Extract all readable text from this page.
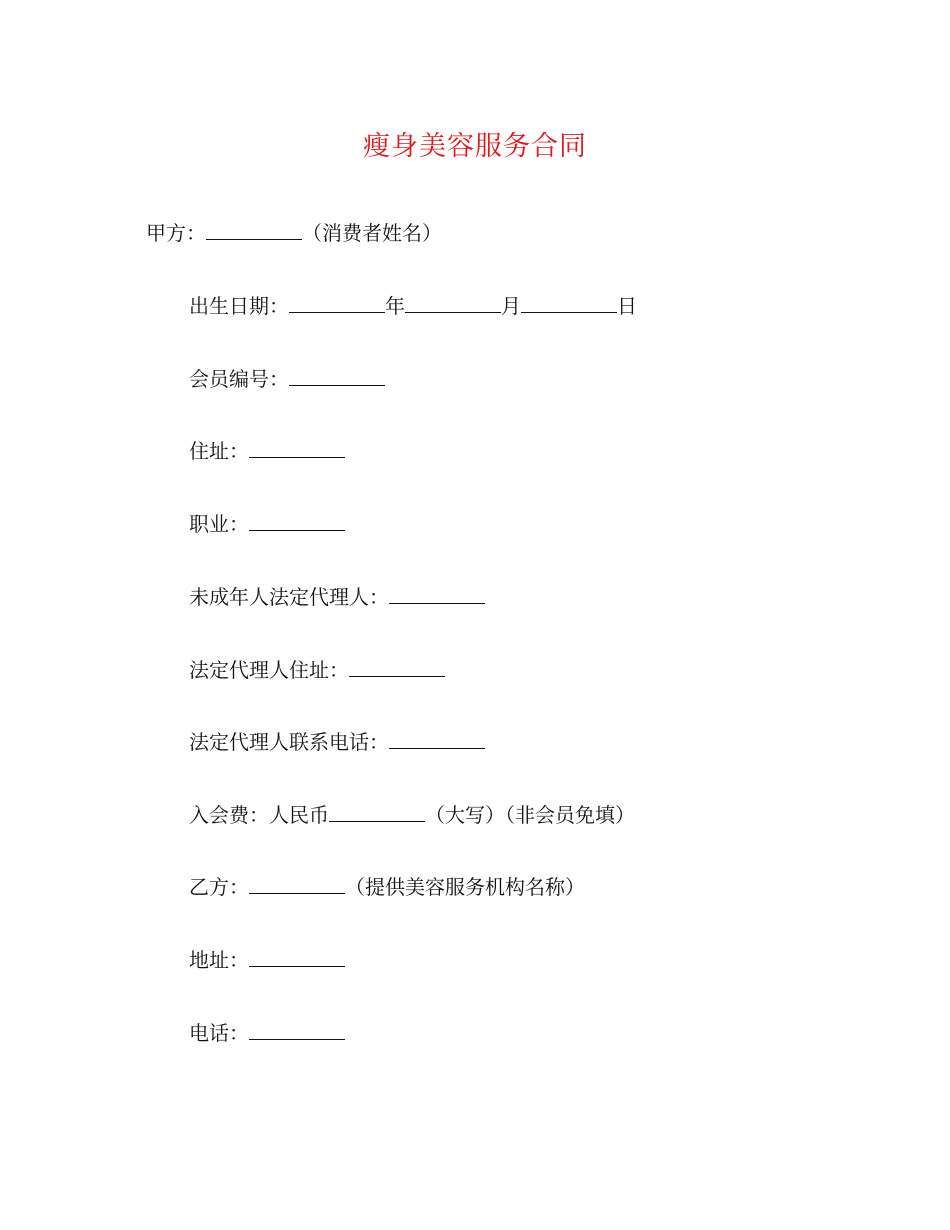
瘦身美容服务合同
甲方：	（消费者姓名）
出生日期：	年	月	日
会员编号：
住址：
职业：
未成年人法定代理人：
法定代理人住址：
法定代理人联系电话：
入会费：人民币	（大写）（非会员免填）
乙方：	（提供美容服务机构名称）
地址：
电话：
